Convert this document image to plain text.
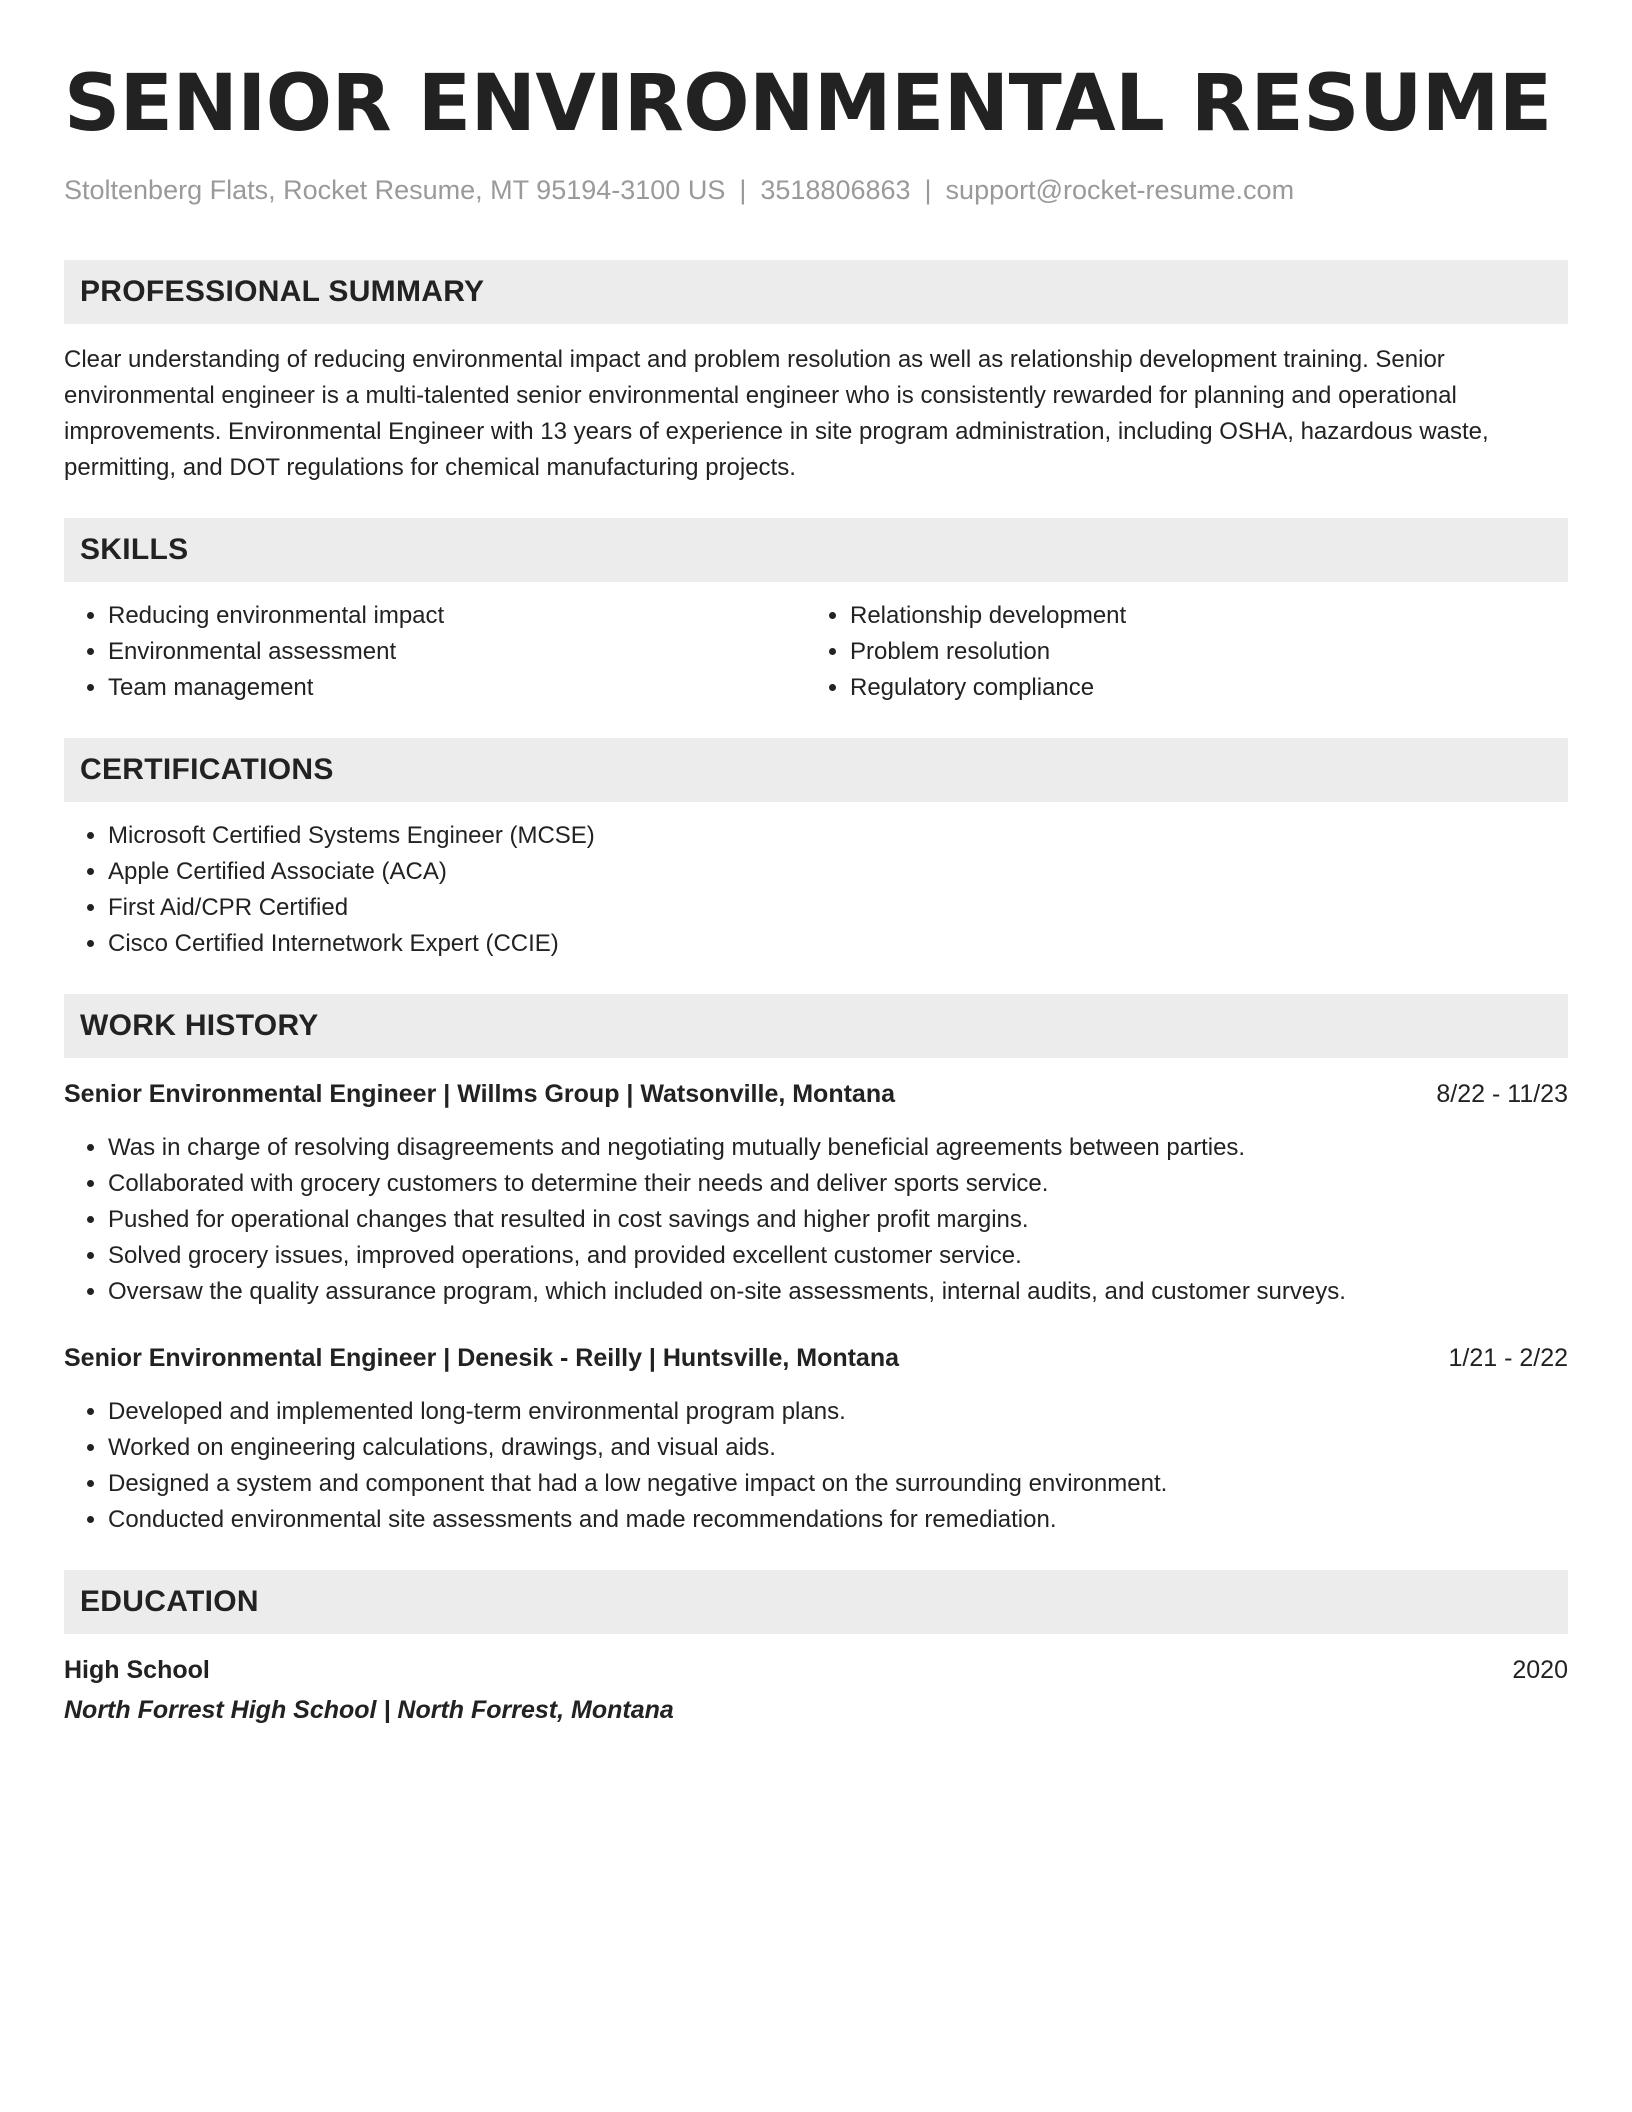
SENIOR ENVIRONMENTAL RESUME
Stoltenberg Flats, Rocket Resume, MT 95194-3100 US | 3518806863 | support@rocket-resume.com
PROFESSIONAL SUMMARY

Clear understanding of reducing environmental impact and problem resolution as well as relationship development training. Senior environmental engineer is a multi-talented senior environmental engineer who is consistently rewarded for planning and operational improvements. Environmental Engineer with 13 years of experience in site program administration, including OSHA, hazardous waste, permitting, and DOT regulations for chemical manufacturing projects.

SKILLS
• Reducing environmental impact
• Environmental assessment
• Team management
• Relationship development
• Problem resolution
• Regulatory compliance
CERTIFICATIONS
• Microsoft Certified Systems Engineer (MCSE)
• Apple Certified Associate (ACA)
• First Aid/CPR Certified
• Cisco Certified Internetwork Expert (CCIE)
WORK HISTORY
Senior Environmental Engineer | Willms Group | Watsonville, Montana	8/22 - 11/23
• Was in charge of resolving disagreements and negotiating mutually beneficial agreements between parties.
• Collaborated with grocery customers to determine their needs and deliver sports service.
• Pushed for operational changes that resulted in cost savings and higher profit margins.
• Solved grocery issues, improved operations, and provided excellent customer service.
• Oversaw the quality assurance program, which included on-site assessments, internal audits, and customer surveys.
Senior Environmental Engineer | Denesik - Reilly | Huntsville, Montana	1/21 - 2/22
• Developed and implemented long-term environmental program plans.
• Worked on engineering calculations, drawings, and visual aids.
• Designed a system and component that had a low negative impact on the surrounding environment.
• Conducted environmental site assessments and made recommendations for remediation.
EDUCATION
High School	2020
North Forrest High School | North Forrest, Montana
